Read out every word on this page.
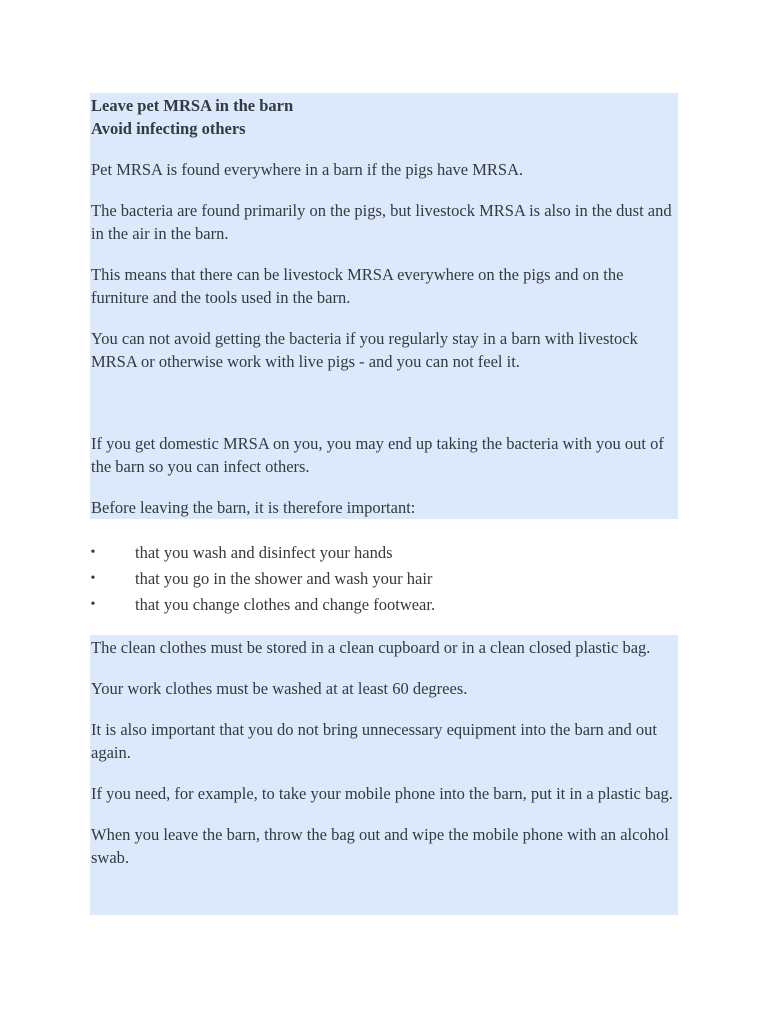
Leave pet MRSA in the barn

Avoid infecting others

Pet MRSA is found everywhere in a barn if the pigs have MRSA.

The bacteria are found primarily on the pigs, but livestock MRSA is also in the dust and in the air in the barn.

This means that there can be livestock MRSA everywhere on the pigs and on the furniture and the tools used in the barn.

You can not avoid getting the bacteria if you regularly stay in a barn with livestock MRSA or otherwise work with live pigs - and you can not feel it.

If you get domestic MRSA on you, you may end up taking the bacteria with you out of the barn so you can infect others.

Before leaving the barn, it is therefore important:

• that you wash and disinfect your hands
• that you go in the shower and wash your hair
• that you change clothes and change footwear.

The clean clothes must be stored in a clean cupboard or in a clean closed plastic bag.

Your work clothes must be washed at at least 60 degrees.

It is also important that you do not bring unnecessary equipment into the barn and out again.

If you need, for example, to take your mobile phone into the barn, put it in a plastic bag.

When you leave the barn, throw the bag out and wipe the mobile phone with an alcohol swab.
